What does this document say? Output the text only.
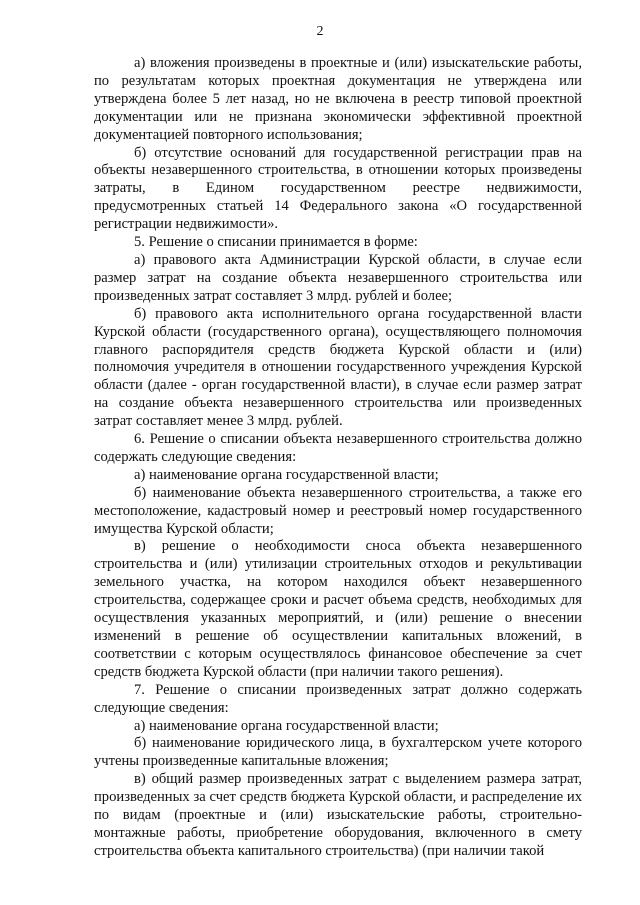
2

а) вложения произведены в проектные и (или) изыскательские работы, по результатам которых проектная документация не утверждена или утверждена более 5 лет назад, но не включена в реестр типовой проектной документации или не признана экономически эффективной проектной документацией повторного использования;

б) отсутствие оснований для государственной регистрации прав на объекты незавершенного строительства, в отношении которых произведены затраты, в Едином государственном реестре недвижимости, предусмотренных статьей 14 Федерального закона «О государственной регистрации недвижимости».

5. Решение о списании принимается в форме:

а) правового акта Администрации Курской области, в случае если размер затрат на создание объекта незавершенного строительства или произведенных затрат составляет 3 млрд. рублей и более;

б) правового акта исполнительного органа государственной власти Курской области (государственного органа), осуществляющего полномочия главного распорядителя средств бюджета Курской области и (или) полномочия учредителя в отношении государственного учреждения Курской области (далее - орган государственной власти), в случае если размер затрат на создание объекта незавершенного строительства или произведенных затрат составляет менее 3 млрд. рублей.

6. Решение о списании объекта незавершенного строительства должно содержать следующие сведения:

а) наименование органа государственной власти;

б) наименование объекта незавершенного строительства, а также его местоположение, кадастровый номер и реестровый номер государственного имущества Курской области;

в) решение о необходимости сноса объекта незавершенного строительства и (или) утилизации строительных отходов и рекультивации земельного участка, на котором находился объект незавершенного строительства, содержащее сроки и расчет объема средств, необходимых для осуществления указанных мероприятий, и (или) решение о внесении изменений в решение об осуществлении капитальных вложений, в соответствии с которым осуществлялось финансовое обеспечение за счет средств бюджета Курской области (при наличии такого решения).

7. Решение о списании произведенных затрат должно содержать следующие сведения:

а) наименование органа государственной власти;

б) наименование юридического лица, в бухгалтерском учете которого учтены произведенные капитальные вложения;

в) общий размер произведенных затрат с выделением размера затрат, произведенных за счет средств бюджета Курской области, и распределение их по видам (проектные и (или) изыскательские работы, строительно-монтажные работы, приобретение оборудования, включенного в смету строительства объекта капитального строительства) (при наличии такой
